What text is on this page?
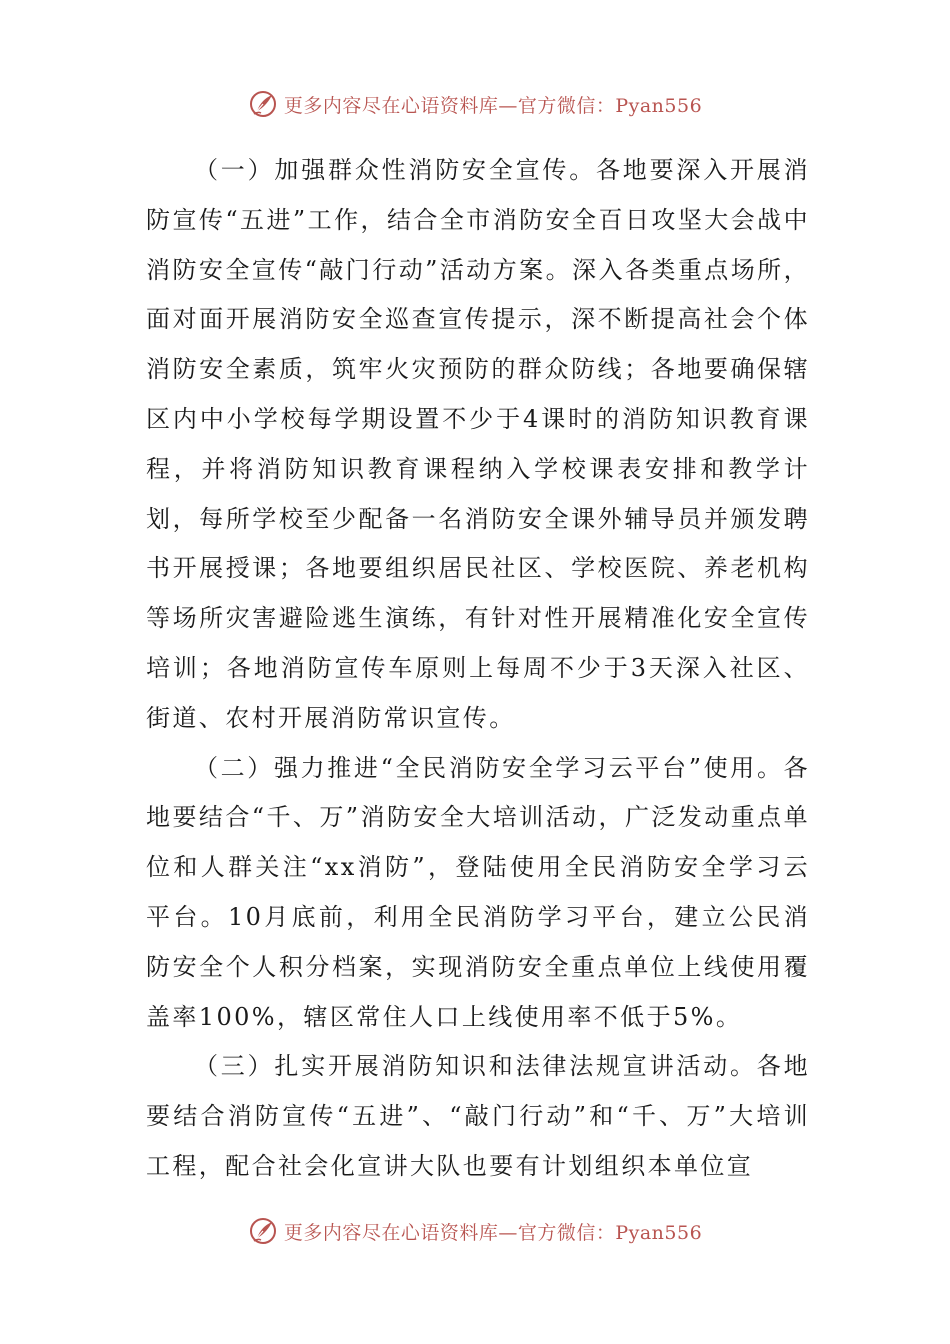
更多内容尽在心语资料库—官方微信：Pyan556

（一）加强群众性消防安全宣传。各地要深入开展消防宣传“五进”工作，结合全市消防安全百日攻坚大会战中消防安全宣传“敲门行动”活动方案。深入各类重点场所，面对面开展消防安全巡查宣传提示，深不断提高社会个体消防安全素质，筑牢火灾预防的群众防线；各地要确保辖区内中小学校每学期设置不少于4课时的消防知识教育课程，并将消防知识教育课程纳入学校课表安排和教学计划，每所学校至少配备一名消防安全课外辅导员并颁发聘书开展授课；各地要组织居民社区、学校医院、养老机构等场所灾害避险逃生演练，有针对性开展精准化安全宣传培训；各地消防宣传车原则上每周不少于3天深入社区、街道、农村开展消防常识宣传。

（二）强力推进“全民消防安全学习云平台”使用。各地要结合“千、万”消防安全大培训活动，广泛发动重点单位和人群关注“xx消防”，登陆使用全民消防安全学习云平台。10月底前，利用全民消防学习平台，建立公民消防安全个人积分档案，实现消防安全重点单位上线使用覆盖率100%，辖区常住人口上线使用率不低于5%。

（三）扎实开展消防知识和法律法规宣讲活动。各地要结合消防宣传“五进”、“敲门行动”和“千、万”大培训工程，配合社会化宣讲大队也要有计划组织本单位宣

更多内容尽在心语资料库—官方微信：Pyan556
